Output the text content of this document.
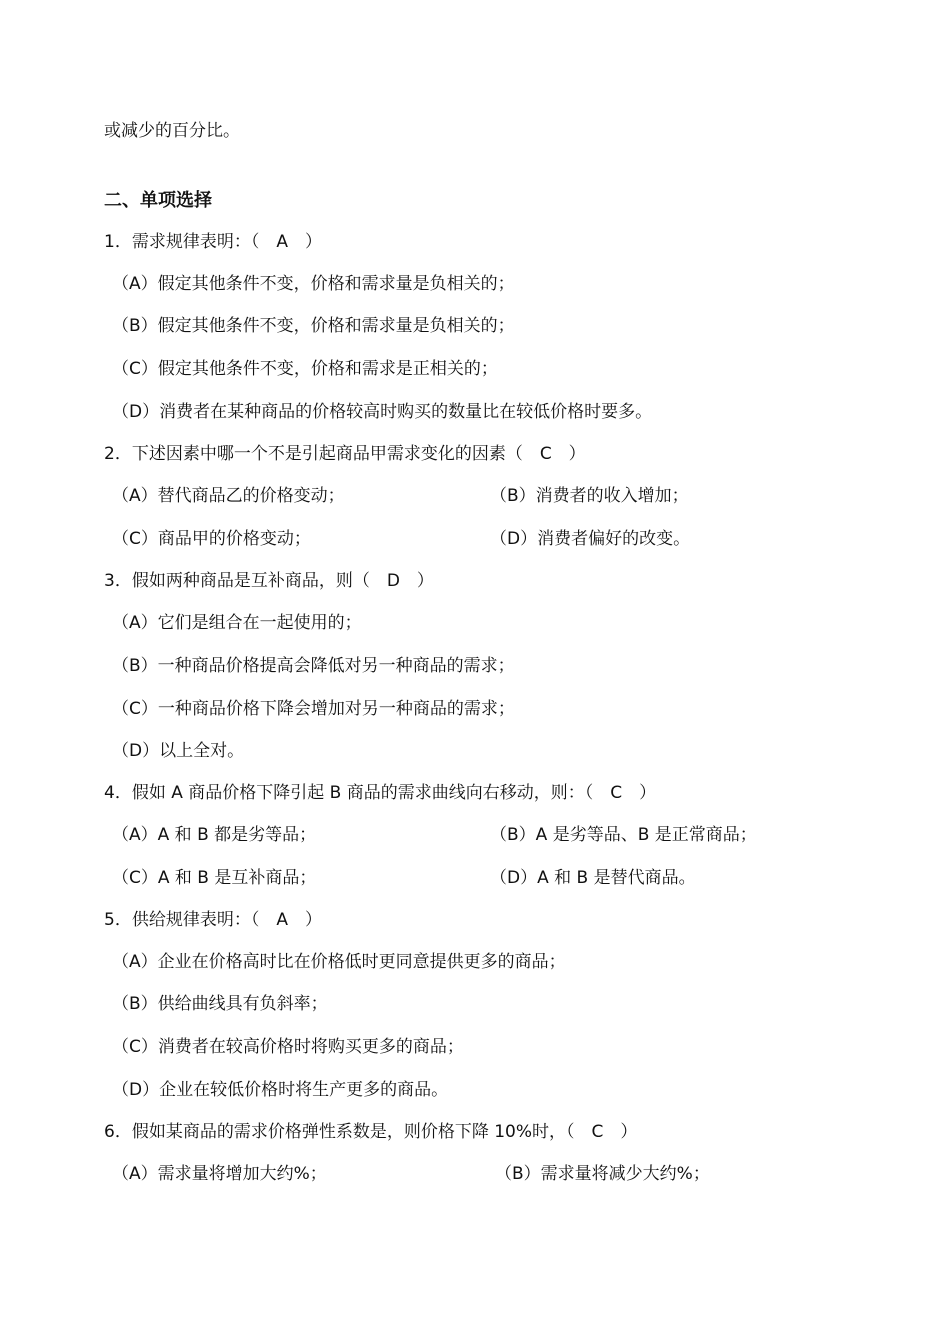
或减少的百分比。
二、单项选择
1．需求规律表明：（　A　）
（A）假定其他条件不变，价格和需求量是负相关的；
（B）假定其他条件不变，价格和需求量是负相关的；
（C）假定其他条件不变，价格和需求是正相关的；
（D）消费者在某种商品的价格较高时购买的数量比在较低价格时要多。
2．下述因素中哪一个不是引起商品甲需求变化的因素（　C　）
（A）替代商品乙的价格变动；	（B）消费者的收入增加；
（C）商品甲的价格变动；	（D）消费者偏好的改变。
3．假如两种商品是互补商品，则（　D　）
（A）它们是组合在一起使用的；
（B）一种商品价格提高会降低对另一种商品的需求；
（C）一种商品价格下降会增加对另一种商品的需求；
（D）以上全对。
4．假如 A 商品价格下降引起 B 商品的需求曲线向右移动，则：（　C　）
（A）A 和 B 都是劣等品；	（B）A 是劣等品、B 是正常商品；
（C）A 和 B 是互补商品；	（D）A 和 B 是替代商品。
5．供给规律表明：（　A　）
（A）企业在价格高时比在价格低时更同意提供更多的商品；
（B）供给曲线具有负斜率；
（C）消费者在较高价格时将购买更多的商品；
（D）企业在较低价格时将生产更多的商品。
6．假如某商品的需求价格弹性系数是，则价格下降 10%时，（　C　）
（A）需求量将增加大约%；	（B）需求量将减少大约%；
